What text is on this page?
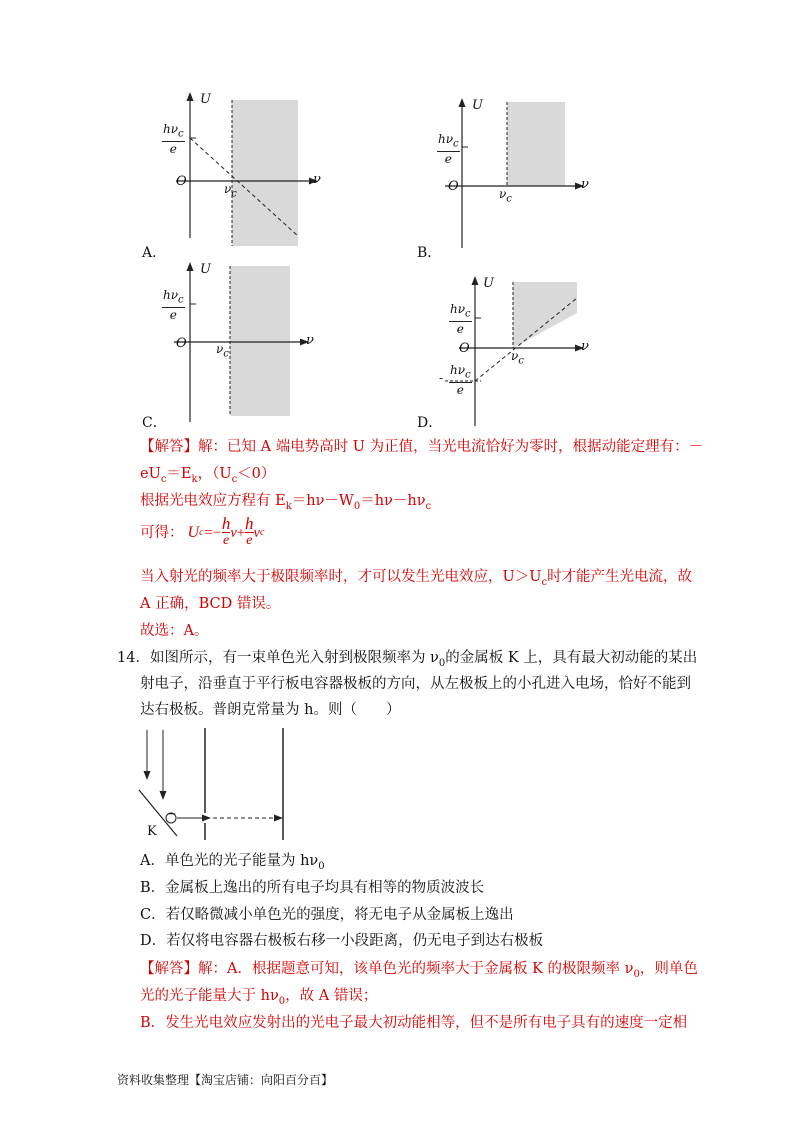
U
ν
O
$h\nu_c$
e
$\nu_c$
A．
U
ν
O
$h\nu_c$
e
$\nu_c$
B．
U
ν
O
$h\nu_c$
e
$\nu_c$
C．
U
ν
O
$h\nu_c$
e
$\nu_c$
-
$h\nu_c$
e
D．
【解答】解：已知 A 端电势高时 U 为正值，当光电流恰好为零时，根据动能定理有：－
$eU_c=E_k$，$(U_c<0)$
根据光电效应方程有 $E_k=h\nu-W_0=h\nu-h\nu_c$
可得： U $c =- \frac{h}{e}$ $\nu + \frac{h}{e}$ ν c
当入射光的频率大于极限频率时，才可以发生光电效应，$U>U_c$时才能产生光电流，故
A 正确，BCD 错误。
故选：A。
14．如图所示，有一束单色光入射到极限频率为 $\nu_0$的金属板 K 上，具有最大初动能的某出
射电子，沿垂直于平行板电容器极板的方向，从左极板上的小孔进入电场，恰好不能到
达右极板。普朗克常量为 h。则（　　）
K
−
A．单色光的光子能量为 $h\nu_0$
B．金属板上逸出的所有电子均具有相等的物质波波长
C．若仅略微减小单色光的强度，将无电子从金属板上逸出
D．若仅将电容器右极板右移一小段距离，仍无电子到达右极板
【解答】解：A．根据题意可知，该单色光的频率大于金属板 K 的极限频率 $\nu_0$，则单色
光的光子能量大于 $h\nu_0$，故 A 错误；
B．发生光电效应发射出的光电子最大初动能相等，但不是所有电子具有的速度一定相
资料收集整理【淘宝店铺：向阳百分百】
